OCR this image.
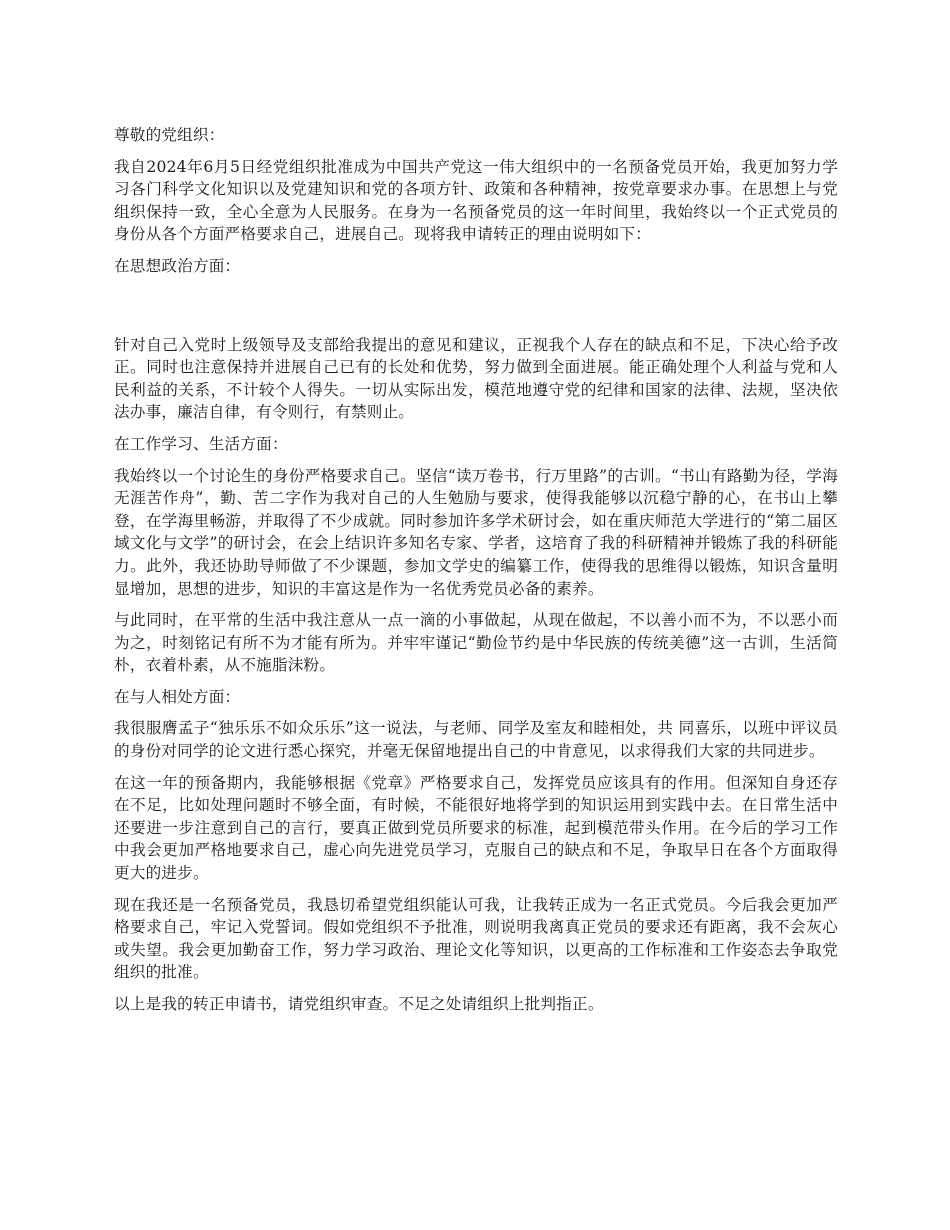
尊敬的党组织：

我自2024年6月5日经党组织批准成为中国共产党这一伟大组织中的一名预备党员开始，我更加努力学习各门科学文化知识以及党建知识和党的各项方针、政策和各种精神，按党章要求办事。在思想上与党组织保持一致，全心全意为人民服务。在身为一名预备党员的这一年时间里，我始终以一个正式党员的身份从各个方面严格要求自己，进展自己。现将我申请转正的理由说明如下：

在思想政治方面：

针对自己入党时上级领导及支部给我提出的意见和建议，正视我个人存在的缺点和不足，下决心给予改正。同时也注意保持并进展自己已有的长处和优势，努力做到全面进展。能正确处理个人利益与党和人民利益的关系，不计较个人得失。一切从实际出发，模范地遵守党的纪律和国家的法律、法规，坚决依法办事，廉洁自律，有令则行，有禁则止。

在工作学习、生活方面：

我始终以一个讨论生的身份严格要求自己。坚信“读万卷书，行万里路”的古训。“书山有路勤为径，学海无涯苦作舟”，勤、苦二字作为我对自己的人生勉励与要求，使得我能够以沉稳宁静的心，在书山上攀登，在学海里畅游，并取得了不少成就。同时参加许多学术研讨会，如在重庆师范大学进行的“第二届区域文化与文学”的研讨会，在会上结识许多知名专家、学者，这培育了我的科研精神并锻炼了我的科研能力。此外，我还协助导师做了不少课题，参加文学史的编纂工作，使得我的思维得以锻炼，知识含量明显增加，思想的进步，知识的丰富这是作为一名优秀党员必备的素养。

与此同时，在平常的生活中我注意从一点一滴的小事做起，从现在做起，不以善小而不为，不以恶小而为之，时刻铭记有所不为才能有所为。并牢牢谨记“勤俭节约是中华民族的传统美德”这一古训，生活简朴，衣着朴素，从不施脂沫粉。

在与人相处方面：

我很服膺孟子“独乐乐不如众乐乐”这一说法，与老师、同学及室友和睦相处，共 同喜乐，以班中评议员的身份对同学的论文进行悉心探究，并毫无保留地提出自己的中肯意见，以求得我们大家的共同进步。

在这一年的预备期内，我能够根据《党章》严格要求自己，发挥党员应该具有的作用。但深知自身还存在不足，比如处理问题时不够全面，有时候，不能很好地将学到的知识运用到实践中去。在日常生活中还要进一步注意到自己的言行，要真正做到党员所要求的标准，起到模范带头作用。在今后的学习工作中我会更加严格地要求自己，虚心向先进党员学习，克服自己的缺点和不足，争取早日在各个方面取得更大的进步。

现在我还是一名预备党员，我恳切希望党组织能认可我，让我转正成为一名正式党员。今后我会更加严格要求自己，牢记入党誓词。假如党组织不予批准，则说明我离真正党员的要求还有距离，我不会灰心或失望。我会更加勤奋工作，努力学习政治、理论文化等知识，以更高的工作标准和工作姿态去争取党组织的批准。

以上是我的转正申请书，请党组织审查。不足之处请组织上批判指正。
